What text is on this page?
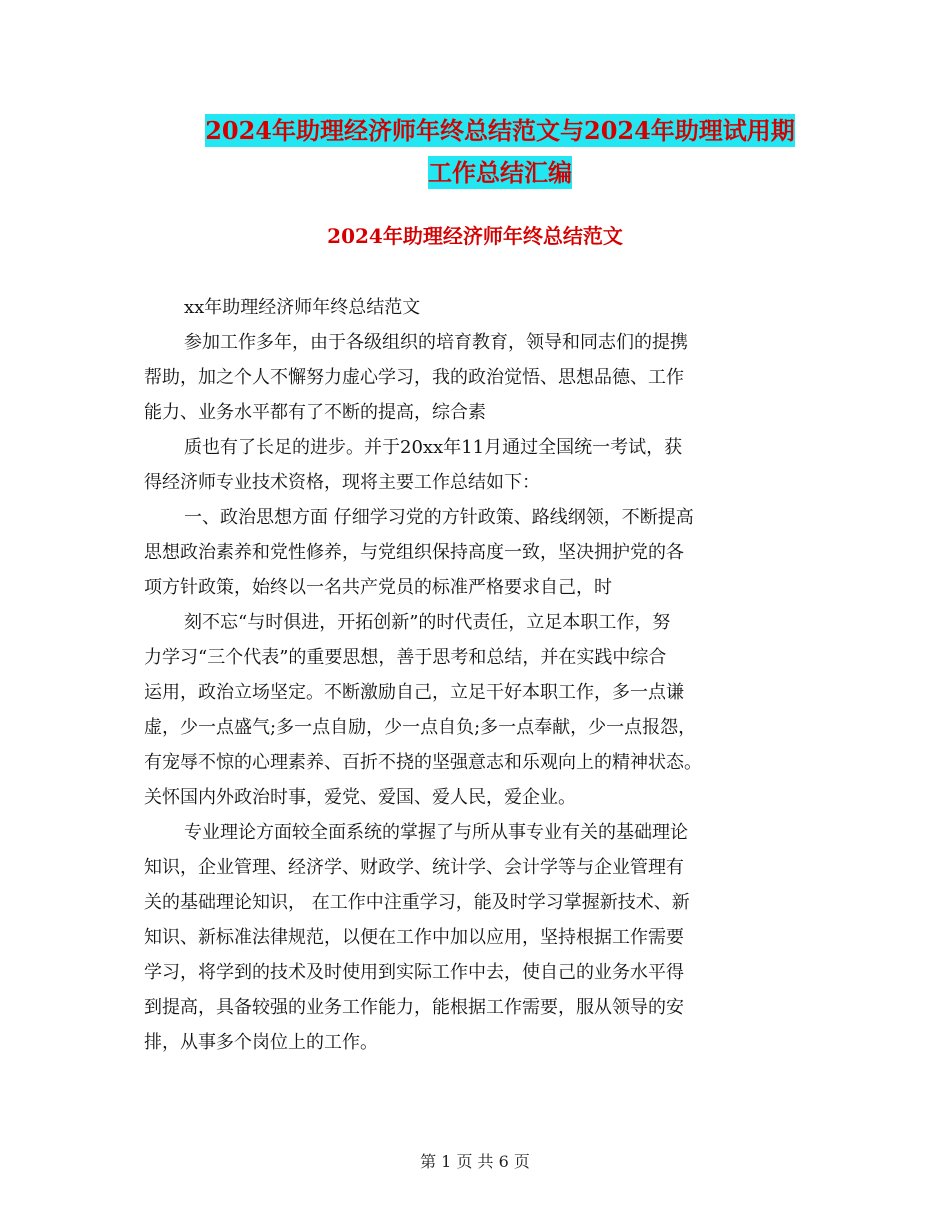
2024年助理经济师年终总结范文与2024年助理试用期
工作总结汇编
2024年助理经济师年终总结范文
xx年助理经济师年终总结范文
参加工作多年，由于各级组织的培育教育，领导和同志们的提携
帮助，加之个人不懈努力虚心学习，我的政治觉悟、思想品德、工作
能力、业务水平都有了不断的提高，综合素
质也有了长足的进步。并于20xx年11月通过全国统一考试，获
得经济师专业技术资格，现将主要工作总结如下：
一、政治思想方面 仔细学习党的方针政策、路线纲领，不断提高
思想政治素养和党性修养，与党组织保持高度一致，坚决拥护党的各
项方针政策，始终以一名共产党员的标准严格要求自己，时
刻不忘“与时俱进，开拓创新”的时代责任，立足本职工作，努
力学习“三个代表”的重要思想，善于思考和总结，并在实践中综合
运用，政治立场坚定。不断激励自己，立足干好本职工作，多一点谦
虚，少一点盛气;多一点自励，少一点自负;多一点奉献，少一点报怨，
有宠辱不惊的心理素养、百折不挠的坚强意志和乐观向上的精神状态。
关怀国内外政治时事，爱党、爱国、爱人民，爱企业。
专业理论方面较全面系统的掌握了与所从事专业有关的基础理论
知识，企业管理、经济学、财政学、统计学、会计学等与企业管理有
关的基础理论知识， 在工作中注重学习，能及时学习掌握新技术、新
知识、新标准法律规范，以便在工作中加以应用，坚持根据工作需要
学习，将学到的技术及时使用到实际工作中去，使自己的业务水平得
到提高，具备较强的业务工作能力，能根据工作需要，服从领导的安
排，从事多个岗位上的工作。
第 1 页 共 6 页
